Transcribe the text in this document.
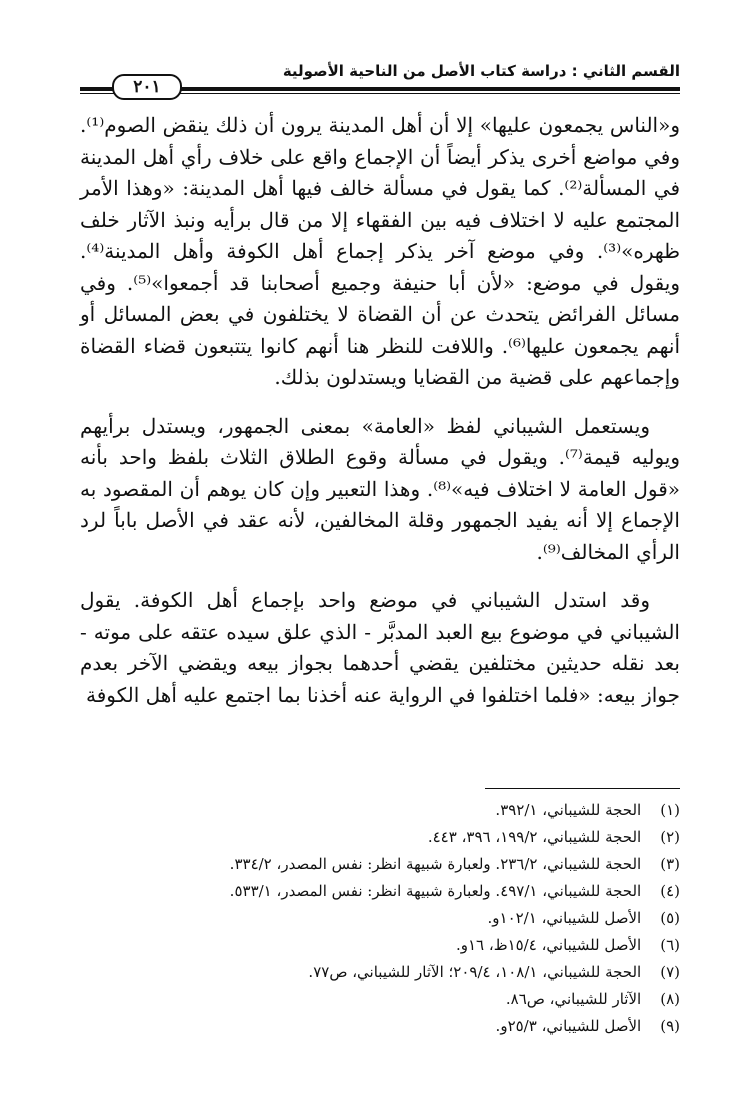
القسم الثاني : دراسة كتاب الأصل من الناحية الأصولية
٢٠١

و«الناس يجمعون عليها» إلا أن أهل المدينة يرون أن ذلك ينقض الصوم⁽¹⁾. وفي مواضع أخرى يذكر أيضاً أن الإجماع واقع على خلاف رأي أهل المدينة في المسألة⁽²⁾. كما يقول في مسألة خالف فيها أهل المدينة: «وهذا الأمر المجتمع عليه لا اختلاف فيه بين الفقهاء إلا من قال برأيه ونبذ الآثار خلف ظهره»⁽³⁾. وفي موضع آخر يذكر إجماع أهل الكوفة وأهل المدينة⁽⁴⁾. ويقول في موضع: «لأن أبا حنيفة وجميع أصحابنا قد أجمعوا»⁽⁵⁾. وفي مسائل الفرائض يتحدث عن أن القضاة لا يختلفون في بعض المسائل أو أنهم يجمعون عليها⁽⁶⁾. واللافت للنظر هنا أنهم كانوا يتتبعون قضاء القضاة وإجماعهم على قضية من القضايا ويستدلون بذلك.

ويستعمل الشيباني لفظ «العامة» بمعنى الجمهور، ويستدل برأيهم ويوليه قيمة⁽⁷⁾. ويقول في مسألة وقوع الطلاق الثلاث بلفظ واحد بأنه «قول العامة لا اختلاف فيه»⁽⁸⁾. وهذا التعبير وإن كان يوهم أن المقصود به الإجماع إلا أنه يفيد الجمهور وقلة المخالفين، لأنه عقد في الأصل باباً لرد الرأي المخالف⁽⁹⁾.

وقد استدل الشيباني في موضع واحد بإجماع أهل الكوفة. يقول الشيباني في موضوع بيع العبد المدبَّر - الذي علق سيده عتقه على موته - بعد نقله حديثين مختلفين يقضي أحدهما بجواز بيعه ويقضي الآخر بعدم جواز بيعه: «فلما اختلفوا في الرواية عنه أخذنا بما اجتمع عليه أهل الكوفة

(١) الحجة للشيباني، ٣٩٢/١.
(٢) الحجة للشيباني، ١٩٩/٢، ٣٩٦، ٤٤٣.
(٣) الحجة للشيباني، ٢٣٦/٢. ولعبارة شبيهة انظر: نفس المصدر، ٣٣٤/٢.
(٤) الحجة للشيباني، ٤٩٧/١. ولعبارة شبيهة انظر: نفس المصدر، ٥٣٣/١.
(٥) الأصل للشيباني، ١٠٢/١و.
(٦) الأصل للشيباني، ١٥/٤ظ، ١٦و.
(٧) الحجة للشيباني، ١٠٨/١، ٢٠٩/٤؛ الآثار للشيباني، ص٧٧.
(٨) الآثار للشيباني، ص٨٦.
(٩) الأصل للشيباني، ٢٥/٣و.
